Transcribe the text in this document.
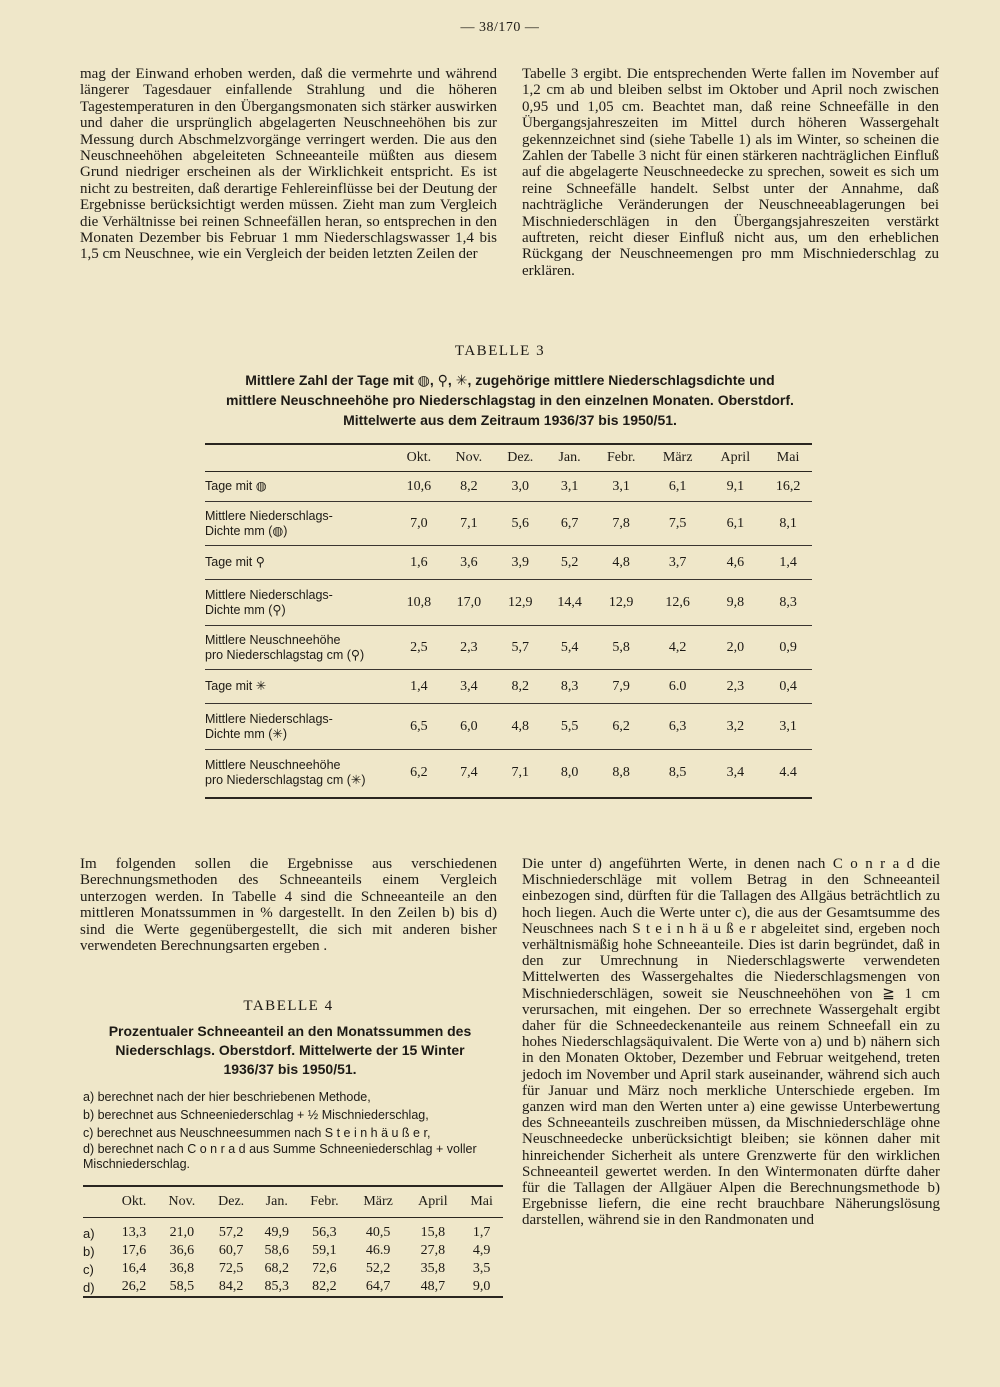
— 38/170 —
mag der Einwand erhoben werden, daß die vermehrte und während längerer Tagesdauer einfallende Strahlung und die höheren Tagestemperaturen in den Übergangsmonaten sich stärker auswirken und daher die ursprünglich abgelagerten Neuschneehöhen bis zur Messung durch Abschmelzvorgänge verringert werden. Die aus den Neuschneehöhen abgeleiteten Schneeanteile müßten aus diesem Grund niedriger erscheinen als der Wirklichkeit entspricht. Es ist nicht zu bestreiten, daß derartige Fehlereinflüsse bei der Deutung der Ergebnisse berücksichtigt werden müssen. Zieht man zum Vergleich die Verhältnisse bei reinen Schneefällen heran, so entsprechen in den Monaten Dezember bis Februar 1 mm Niederschlagswasser 1,4 bis 1,5 cm Neuschnee, wie ein Vergleich der beiden letzten Zeilen der
Tabelle 3 ergibt. Die entsprechenden Werte fallen im November auf 1,2 cm ab und bleiben selbst im Oktober und April noch zwischen 0,95 und 1,05 cm. Beachtet man, daß reine Schneefälle in den Übergangsjahreszeiten im Mittel durch höheren Wassergehalt gekennzeichnet sind (siehe Tabelle 1) als im Winter, so scheinen die Zahlen der Tabelle 3 nicht für einen stärkeren nachträglichen Einfluß auf die abgelagerte Neuschneedecke zu sprechen, soweit es sich um reine Schneefälle handelt. Selbst unter der Annahme, daß nachträgliche Veränderungen der Neuschneeablagerungen bei Mischniederschlägen in den Übergangsjahreszeiten verstärkt auftreten, reicht dieser Einfluß nicht aus, um den erheblichen Rückgang der Neuschneemengen pro mm Mischniederschlag zu erklären.
TABELLE 3
Mittlere Zahl der Tage mit ◍, ⚲, ✳, zugehörige mittlere Niederschlagsdichte und
mittlere Neuschneehöhe pro Niederschlagstag in den einzelnen Monaten. Oberstdorf.
Mittelwerte aus dem Zeitraum 1936/37 bis 1950/51.
	Okt.	Nov.	Dez.	Jan.	Febr.	März	April	Mai
Tage mit ◍	10,6	8,2	3,0	3,1	3,1	6,1	9,1	16,2
Mittlere Niederschlags-
Dichte mm (◍)	7,0	7,1	5,6	6,7	7,8	7,5	6,1	8,1
Tage mit ⚲	1,6	3,6	3,9	5,2	4,8	3,7	4,6	1,4
Mittlere Niederschlags-
Dichte mm (⚲)	10,8	17,0	12,9	14,4	12,9	12,6	9,8	8,3
Mittlere Neuschneehöhe
pro Niederschlagstag cm (⚲)	2,5	2,3	5,7	5,4	5,8	4,2	2,0	0,9
Tage mit ✳	1,4	3,4	8,2	8,3	7,9	6.0	2,3	0,4
Mittlere Niederschlags-
Dichte mm (✳)	6,5	6,0	4,8	5,5	6,2	6,3	3,2	3,1
Mittlere Neuschneehöhe
pro Niederschlagstag cm (✳)	6,2	7,4	7,1	8,0	8,8	8,5	3,4	4.4
Im folgenden sollen die Ergebnisse aus verschiedenen Berechnungsmethoden des Schneeanteils einem Vergleich unterzogen werden. In Tabelle 4 sind die Schneeanteile an den mittleren Monatssummen in % dargestellt. In den Zeilen b) bis d) sind die Werte gegenübergestellt, die sich mit anderen bisher verwendeten Berechnungsarten ergeben .
TABELLE 4
Prozentualer Schneeanteil an den Monatssummen des
Niederschlags. Oberstdorf. Mittelwerte der 15 Winter
1936/37 bis 1950/51.
a) berechnet nach der hier beschriebenen Methode,
b) berechnet aus Schneeniederschlag + ½ Mischniederschlag,
c) berechnet aus Neuschneesummen nach S t e i n h ä u ß e r,
d) berechnet nach C o n r a d aus Summe Schneeniederschlag + voller Mischniederschlag.
	Okt.	Nov.	Dez.	Jan.	Febr.	März	April	Mai
a)	13,3	21,0	57,2	49,9	56,3	40,5	15,8	1,7
b)	17,6	36,6	60,7	58,6	59,1	46.9	27,8	4,9
c)	16,4	36,8	72,5	68,2	72,6	52,2	35,8	3,5
d)	26,2	58,5	84,2	85,3	82,2	64,7	48,7	9,0
Die unter d) angeführten Werte, in denen nach C o n r a d die Mischniederschläge mit vollem Betrag in den Schneeanteil einbezogen sind, dürften für die Tallagen des Allgäus beträchtlich zu hoch liegen. Auch die Werte unter c), die aus der Gesamtsumme des Neuschnees nach S t e i n h ä u ß e r abgeleitet sind, ergeben noch verhältnismäßig hohe Schneeanteile. Dies ist darin begründet, daß in den zur Umrechnung in Niederschlagswerte verwendeten Mittelwerten des Wassergehaltes die Niederschlagsmengen von Mischniederschlägen, soweit sie Neuschneehöhen von ≧ 1 cm verursachen, mit eingehen. Der so errechnete Wassergehalt ergibt daher für die Schneedeckenanteile aus reinem Schneefall ein zu hohes Niederschlagsäquivalent. Die Werte von a) und b) nähern sich in den Monaten Oktober, Dezember und Februar weitgehend, treten jedoch im November und April stark auseinander, während sich auch für Januar und März noch merkliche Unterschiede ergeben. Im ganzen wird man den Werten unter a) eine gewisse Unterbewertung des Schneeanteils zuschreiben müssen, da Mischniederschläge ohne Neuschneedecke unberücksichtigt bleiben; sie können daher mit hinreichender Sicherheit als untere Grenzwerte für den wirklichen Schneeanteil gewertet werden. In den Wintermonaten dürfte daher für die Tallagen der Allgäuer Alpen die Berechnungsmethode b) Ergebnisse liefern, die eine recht brauchbare Näherungslösung darstellen, während sie in den Randmonaten und
